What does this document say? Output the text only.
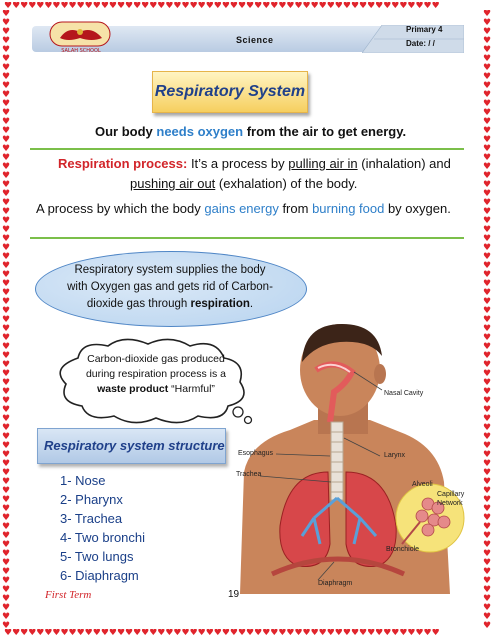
♥♥♥♥♥♥♥♥♥♥♥♥♥♥♥♥♥♥♥♥♥♥♥♥♥♥♥♥♥♥♥♥♥♥♥♥♥♥♥♥♥♥♥♥♥♥♥♥♥♥♥♥♥♥
♥♥♥♥♥♥♥♥♥♥♥♥♥♥♥♥♥♥♥♥♥♥♥♥♥♥♥♥♥♥♥♥♥♥♥♥♥♥♥♥♥♥♥♥♥♥♥♥♥♥♥♥♥♥
♥♥♥♥♥♥♥♥♥♥♥♥♥♥♥♥♥♥♥♥♥♥♥♥♥♥♥♥♥♥♥♥♥♥♥♥♥♥♥♥♥♥♥♥♥♥♥♥♥♥♥♥♥♥♥♥♥♥♥♥♥♥♥♥♥♥♥♥♥
♥♥♥♥♥♥♥♥♥♥♥♥♥♥♥♥♥♥♥♥♥♥♥♥♥♥♥♥♥♥♥♥♥♥♥♥♥♥♥♥♥♥♥♥♥♥♥♥♥♥♥♥♥♥♥♥♥♥♥♥♥♥♥♥♥♥♥♥♥
SALAH SCHOOL
Science
Primary 4
Date: / /
Respiratory System
Our body needs oxygen from the air to get energy.
Respiration process: It’s a process by pulling air in (inhalation) and
pushing air out (exhalation) of the body.
A process by which the body gains energy from burning food by oxygen.
Respiratory system supplies the body
with Oxygen gas and gets rid of Carbon-
dioxide gas through respiration.
Carbon-dioxide gas produced
during respiration process is a
waste product “Harmful”
Respiratory system structure
1- Nose
2- Pharynx
3- Trachea
4- Two bronchi
5- Two lungs
6- Diaphragm
Nasal Cavity
Esophagus	Larynx
Trachea
Alveoli
Capillary
Network
Bronchiole
Diaphragm
First Term	19
